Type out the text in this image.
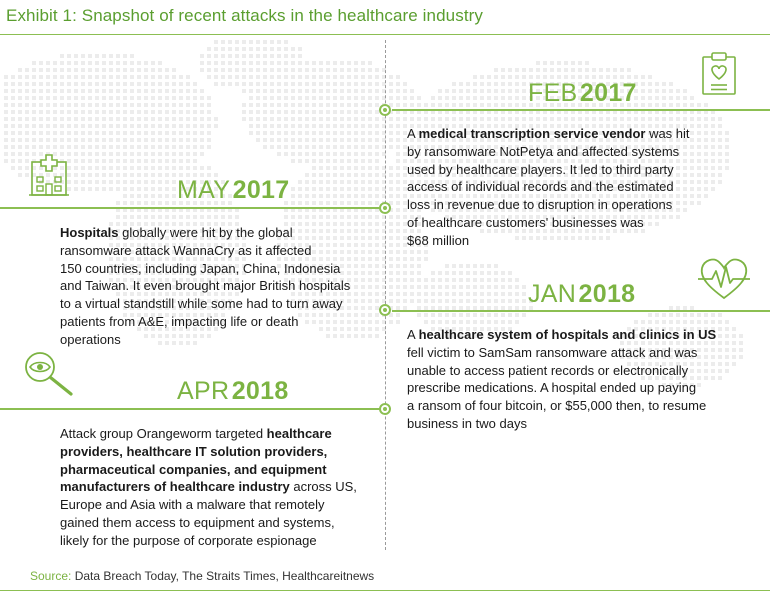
Exhibit 1: Snapshot of recent attacks in the healthcare industry
FEB 2017
A medical transcription service vendor was hit
by ransomware NotPetya and affected systems
used by healthcare players. It led to third party
access of individual records and the estimated
loss in revenue due to disruption in operations
of healthcare customers' businesses was
$68 million
MAY 2017
Hospitals globally were hit by the global
ransomware attack WannaCry as it affected
150 countries, including Japan, China, Indonesia
and Taiwan. It even brought major British hospitals
to a virtual standstill while some had to turn away
patients from A&E, impacting life or death
operations
JAN 2018
A healthcare system of hospitals and clinics in US
fell victim to SamSam ransomware attack and was
unable to access patient records or electronically
prescribe medications. A hospital ended up paying
a ransom of four bitcoin, or $55,000 then, to resume
business in two days
APR 2018
Attack group Orangeworm targeted healthcare
providers, healthcare IT solution providers,
pharmaceutical companies, and equipment
manufacturers of healthcare industry across US,
Europe and Asia with a malware that remotely
gained them access to equipment and systems,
likely for the purpose of corporate espionage
Source: Data Breach Today, The Straits Times, Healthcareitnews
